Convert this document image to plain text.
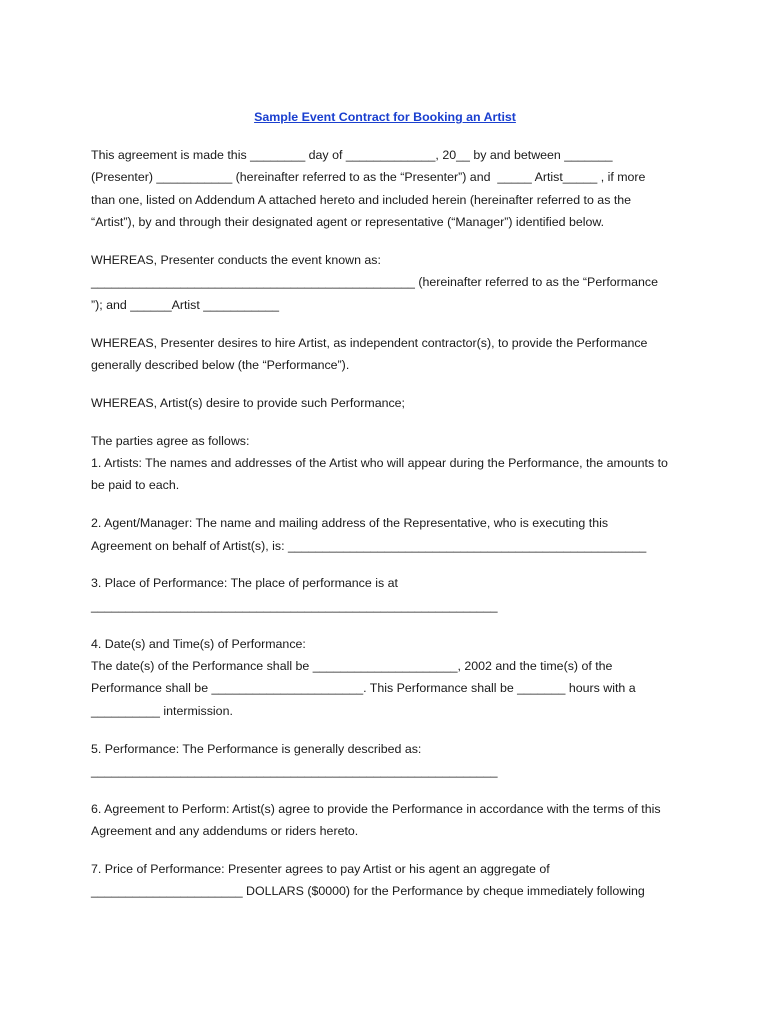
Sample Event Contract for Booking an Artist
This agreement is made this ________ day of _____________, 20__ by and between _______
(Presenter) ___________ (hereinafter referred to as the “Presenter”) and  _____ Artist_____ , if more
than one, listed on Addendum A attached hereto and included herein (hereinafter referred to as the
“Artist”), by and through their designated agent or representative (“Manager”) identified below.
WHEREAS, Presenter conducts the event known as:
_______________________________________________ (hereinafter referred to as the “Performance
”); and ______Artist ___________
WHEREAS, Presenter desires to hire Artist, as independent contractor(s), to provide the Performance
generally described below (the “Performance”).
WHEREAS, Artist(s) desire to provide such Performance;
The parties agree as follows:
1. Artists: The names and addresses of the Artist who will appear during the Performance, the amounts to
be paid to each.
2. Agent/Manager: The name and mailing address of the Representative, who is executing this
Agreement on behalf of Artist(s), is: ____________________________________________________
3. Place of Performance: The place of performance is at
___________________________________________________________
4. Date(s) and Time(s) of Performance:
The date(s) of the Performance shall be _____________________, 2002 and the time(s) of the
Performance shall be ______________________. This Performance shall be _______ hours with a
__________ intermission.
5. Performance: The Performance is generally described as:
___________________________________________________________
6. Agreement to Perform: Artist(s) agree to provide the Performance in accordance with the terms of this
Agreement and any addendums or riders hereto.
7. Price of Performance: Presenter agrees to pay Artist or his agent an aggregate of
______________________ DOLLARS ($0000) for the Performance by cheque immediately following
